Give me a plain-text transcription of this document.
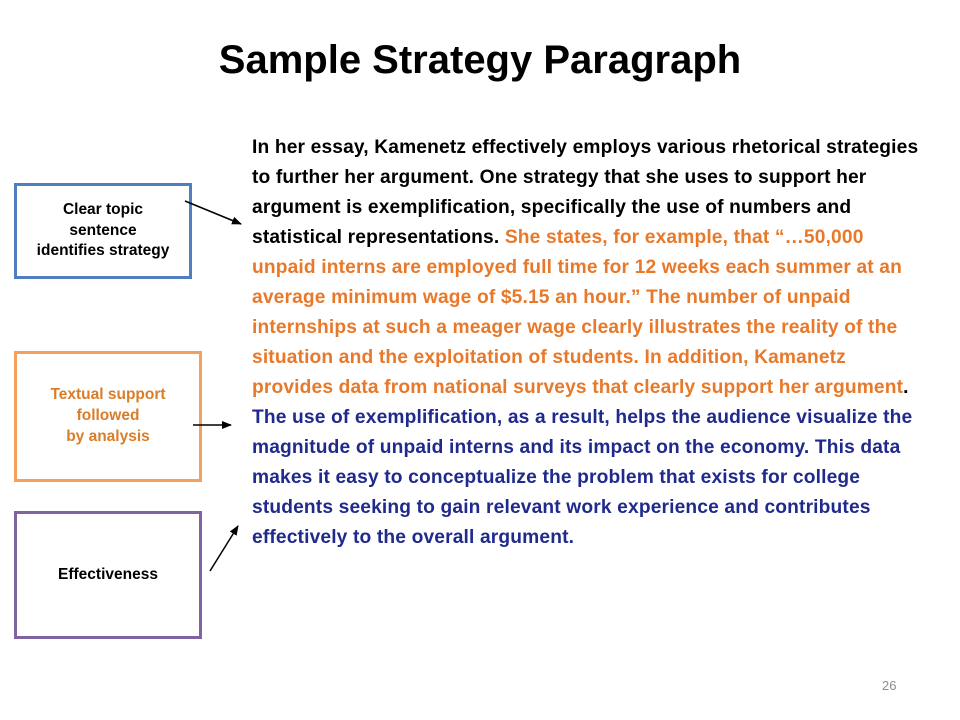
Sample Strategy Paragraph
Clear topic
sentence
identifies strategy
Textual support
followed
by analysis
Effectiveness
In her essay, Kamenetz effectively employs various rhetorical strategies to further her argument. One strategy that she uses to support her argument is exemplification, specifically the use of numbers and statistical representations. She states, for example, that “…50,000 unpaid interns are employed full time for 12 weeks each summer at an average minimum wage of $5.15 an hour.” The number of unpaid internships at such a meager wage clearly illustrates the reality of the situation and the exploitation of students. In addition, Kamanetz provides data from national surveys that clearly support her argument. The use of exemplification, as a result, helps the audience visualize the magnitude of unpaid interns and its impact on the economy. This data makes it easy to conceptualize the problem that exists for college students seeking to gain relevant work experience and contributes effectively to the overall argument.
26
